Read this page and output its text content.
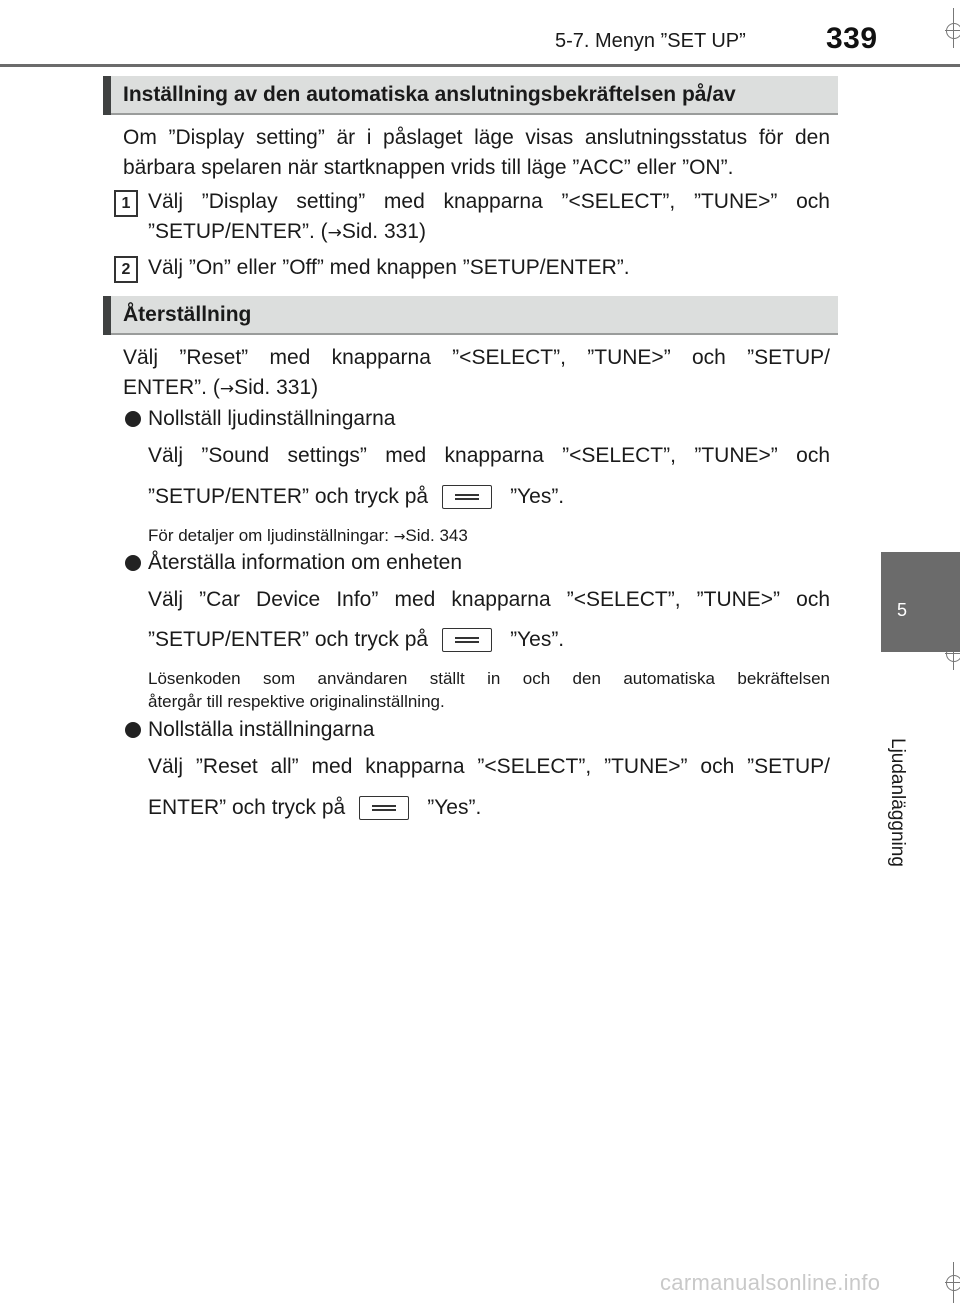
5-7. Menyn ”SET UP”	339
Inställning av den automatiska anslutningsbekräftelsen på/av
Om ”Display setting” är i påslaget läge visas anslutningsstatus för den
bärbara spelaren när startknappen vrids till läge ”ACC” eller ”ON”.
1 Välj ”Display setting” med knapparna ”<SELECT”, ”TUNE>” och
”SETUP/ENTER”. (→Sid. 331)
2 Välj ”On” eller ”Off” med knappen ”SETUP/ENTER”.
Återställning
Välj ”Reset” med knapparna ”<SELECT”, ”TUNE>” och ”SETUP/
ENTER”. (→Sid. 331)
Nollställ ljudinställningarna
Välj ”Sound settings” med knapparna ”<SELECT”, ”TUNE>” och
”SETUP/ENTER” och tryck på	”Yes”.
För detaljer om ljudinställningar: →Sid. 343
Återställa information om enheten
Välj ”Car Device Info” med knapparna ”<SELECT”, ”TUNE>” och
”SETUP/ENTER” och tryck på	”Yes”.
Lösenkoden som användaren ställt in och den automatiska bekräftelsen
återgår till respektive originalinställning.
Nollställa inställningarna
Välj ”Reset all” med knapparna ”<SELECT”, ”TUNE>” och ”SETUP/
ENTER” och tryck på	”Yes”.
5
Ljudanläggning
carmanualsonline.info
